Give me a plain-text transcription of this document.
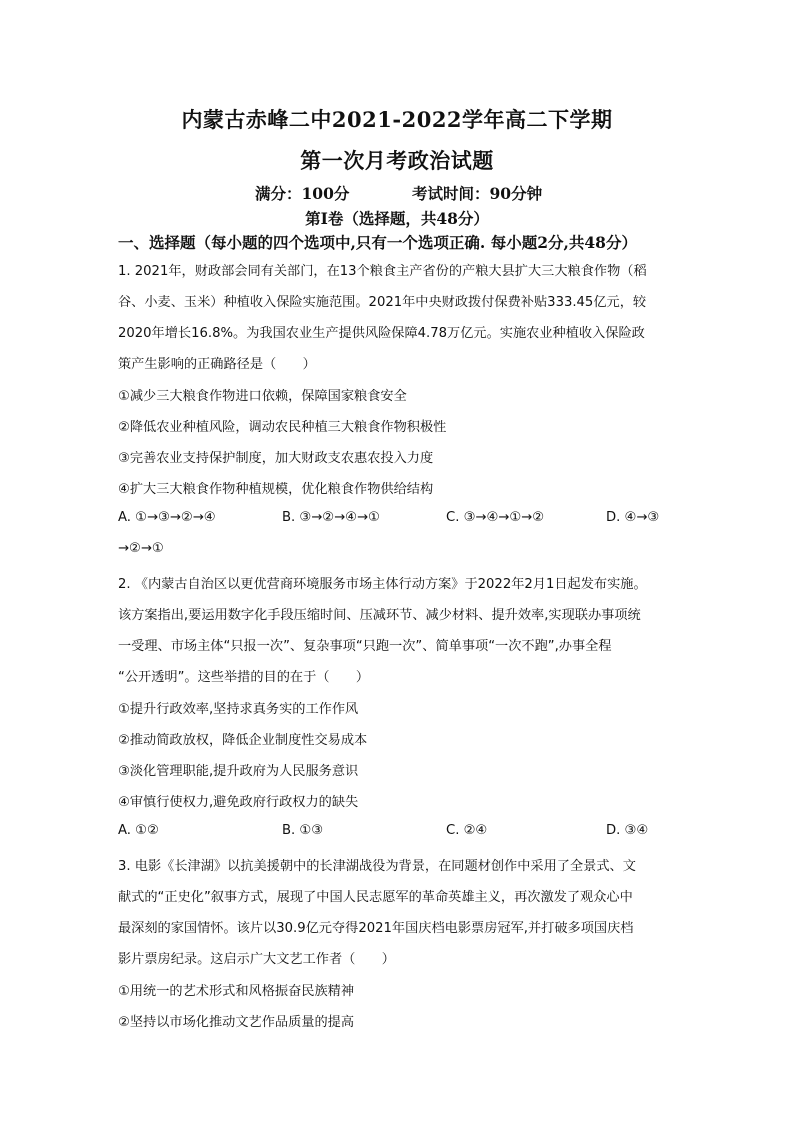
内蒙古赤峰二中2021-2022学年高二下学期
第一次月考政治试题
满分：100分	考试时间：90分钟
第Ⅰ卷（选择题，共48分）
一、选择题（每小题的四个选项中,只有一个选项正确. 每小题2分,共48分）
1. 2021年，财政部会同有关部门，在13个粮食主产省份的产粮大县扩大三大粮食作物（稻
谷、小麦、玉米）种植收入保险实施范围。2021年中央财政拨付保费补贴333.45亿元，较
2020年增长16.8%。为我国农业生产提供风险保障4.78万亿元。实施农业种植收入保险政
策产生影响的正确路径是（　　）
①减少三大粮食作物进口依赖，保障国家粮食安全
②降低农业种植风险，调动农民种植三大粮食作物积极性
③完善农业支持保护制度，加大财政支农惠农投入力度
④扩大三大粮食作物种植规模，优化粮食作物供给结构
A. ①→③→②→④	B. ③→②→④→①	C. ③→④→①→②	D. ④→③
→②→①
2. 《内蒙古自治区以更优营商环境服务市场主体行动方案》于2022年2月1日起发布实施。
该方案指出,要运用数字化手段压缩时间、压减环节、减少材料、提升效率,实现联办事项统
一受理、市场主体“只报一次”、复杂事项“只跑一次”、简单事项“一次不跑”,办事全程
“公开透明”。这些举措的目的在于（　　）
①提升行政效率,坚持求真务实的工作作风
②推动简政放权，降低企业制度性交易成本
③淡化管理职能,提升政府为人民服务意识
④审慎行使权力,避免政府行政权力的缺失
A. ①②	B. ①③	C. ②④	D. ③④
3. 电影《长津湖》以抗美援朝中的长津湖战役为背景，在同题材创作中采用了全景式、文
献式的“正史化”叙事方式，展现了中国人民志愿军的革命英雄主义，再次激发了观众心中
最深刻的家国情怀。该片以30.9亿元夺得2021年国庆档电影票房冠军,并打破多项国庆档
影片票房纪录。这启示广大文艺工作者（　　）
①用统一的艺术形式和风格振奋民族精神
②坚持以市场化推动文艺作品质量的提高
